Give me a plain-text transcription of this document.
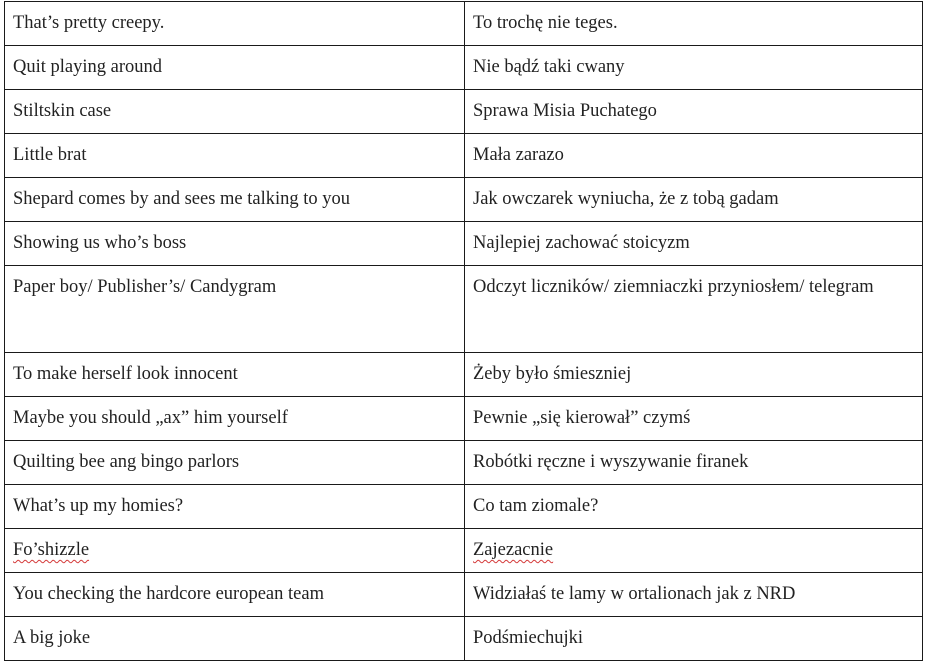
That’s pretty creepy.	To trochę nie teges.
Quit playing around	Nie bądź taki cwany
Stiltskin case	Sprawa Misia Puchatego
Little brat	Mała zarazo
Shepard comes by and sees me talking to you	Jak owczarek wyniucha, że z tobą gadam
Showing us who’s boss	Najlepiej zachować stoicyzm
Paper boy/ Publisher’s/ Candygram	Odczyt liczników/ ziemniaczki przyniosłem/ telegram
To make herself look innocent	Żeby było śmieszniej
Maybe you should „ax” him yourself	Pewnie „się kierował” czymś
Quilting bee ang bingo parlors	Robótki ręczne i wyszywanie firanek
What’s up my homies?	Co tam ziomale?
Fo’shizzle	Zajezacnie
You checking the hardcore european team	Widziałaś te lamy w ortalionach jak z NRD
A big joke	Podśmiechujki
